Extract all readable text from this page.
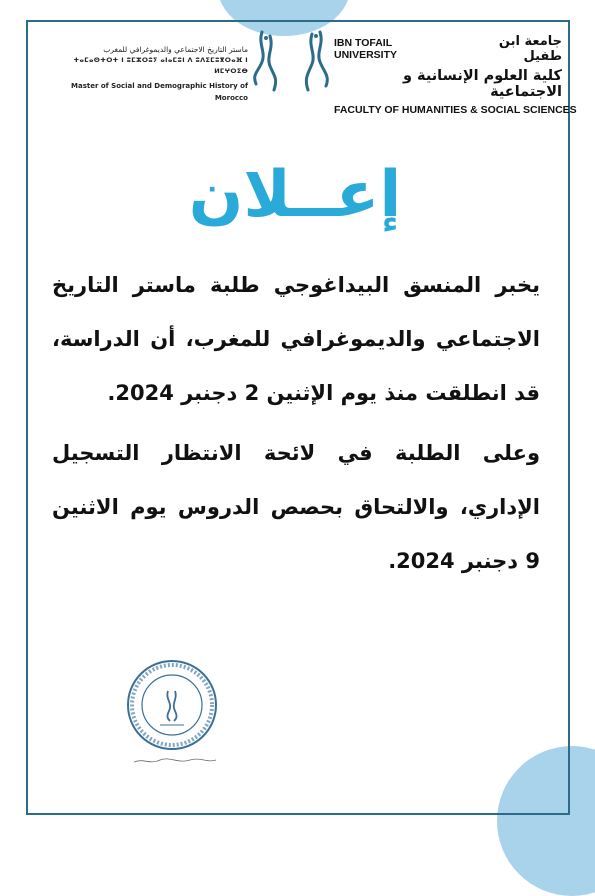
ماستر التاريخ الاجتماعي والديموغرافي للمغرب
ⵜⴰⵎⴰⵙⵜⵔⵜ ⵏ ⵓⵎⵣⵔⵓⵢ ⴰⵏⴰⵎⵓⵏ ⴷ ⵓⴷⵉⵎⵓⴳⵔⴰⴼ ⵏ ⵍⵎⵖⵔⵉⴱ
Master of Social and Demographic History of Morocco
IBN TOFAIL UNIVERSITY
جامعة ابن طفيل
كلية العلوم الإنسانية و الاجتماعية
FACULTY OF HUMANITIES & SOCIAL SCIENCES
إعــلان

يخبر المنسق البيداغوجي طلبة ماستر التاريخ الاجتماعي والديموغرافي للمغرب، أن الدراسة، قد انطلقت منذ يوم الإثنين 2 دجنبر 2024.

وعلى الطلبة في لائحة الانتظار التسجيل الإداري، والالتحاق بحصص الدروس يوم الاثنين 9 دجنبر 2024.
